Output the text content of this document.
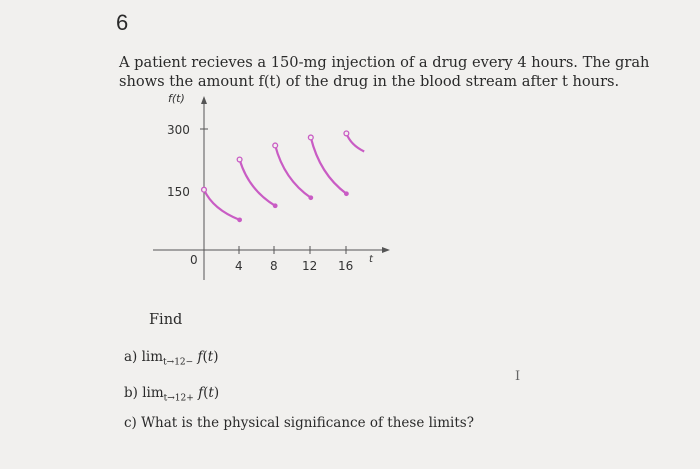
6
A patient recieves a 150-mg injection of a drug every 4 hours. The grah shows the amount f(t) of the drug in the blood stream after t hours.
f(t)
t
300
150
0	4 8 12 16
Find
a) $\lim_{t\to 12-} f(t)$
b) $\lim_{t\to 12+} f(t)$
c) What is the physical significance of these limits?
I
